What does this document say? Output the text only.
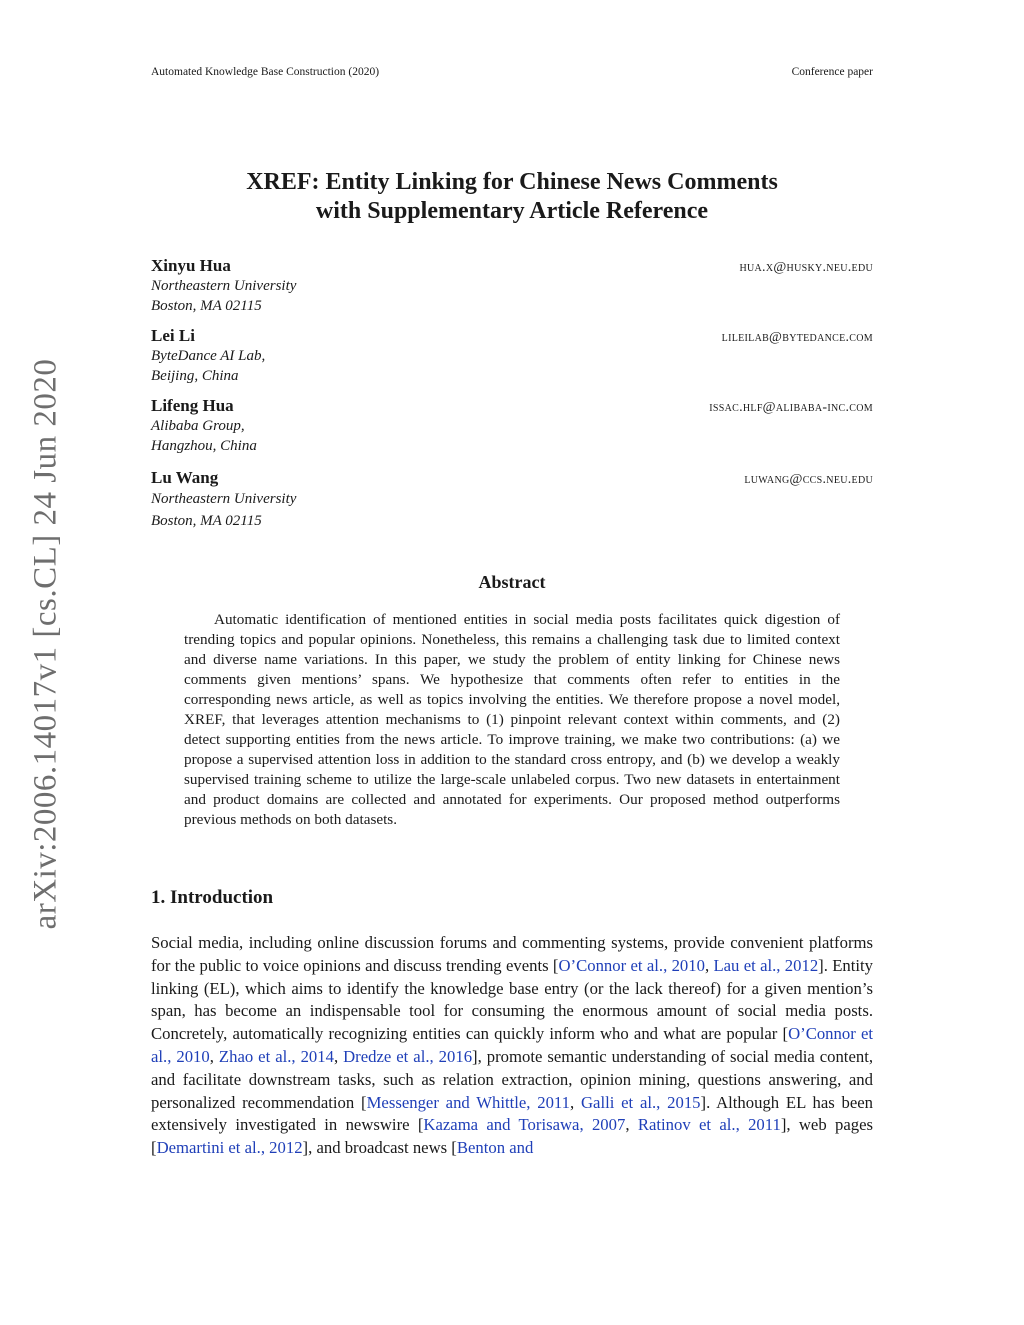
Automated Knowledge Base Construction (2020)	Conference paper
arXiv:2006.14017v1 [cs.CL] 24 Jun 2020
XREF: Entity Linking for Chinese News Comments
with Supplementary Article Reference
Xinyu Hua	hua.x@husky.neu.edu
Northeastern University
Boston, MA 02115
Lei Li	lileilab@bytedance.com
ByteDance AI Lab,
Beijing, China
Lifeng Hua	issac.hlf@alibaba-inc.com
Alibaba Group,
Hangzhou, China
Lu Wang	luwang@ccs.neu.edu
Northeastern University
Boston, MA 02115
Abstract
Automatic identification of mentioned entities in social media posts facilitates quick digestion of trending topics and popular opinions. Nonetheless, this remains a challenging task due to limited context and diverse name variations. In this paper, we study the problem of entity linking for Chinese news comments given mentions’ spans. We hypothesize that comments often refer to entities in the corresponding news article, as well as topics involving the entities. We therefore propose a novel model, XREF, that leverages attention mechanisms to (1) pinpoint relevant context within comments, and (2) detect supporting entities from the news article. To improve training, we make two contributions: (a) we propose a supervised attention loss in addition to the standard cross entropy, and (b) we develop a weakly supervised training scheme to utilize the large-scale unlabeled corpus. Two new datasets in entertainment and product domains are collected and annotated for experiments. Our proposed method outperforms previous methods on both datasets.
1. Introduction
Social media, including online discussion forums and commenting systems, provide convenient platforms for the public to voice opinions and discuss trending events [O’Connor et al., 2010, Lau et al., 2012]. Entity linking (EL), which aims to identify the knowledge base entry (or the lack thereof) for a given mention’s span, has become an indispensable tool for consuming the enormous amount of social media posts. Concretely, automatically recognizing entities can quickly inform who and what are popular [O’Connor et al., 2010, Zhao et al., 2014, Dredze et al., 2016], promote semantic understanding of social media content, and facilitate downstream tasks, such as relation extraction, opinion mining, questions answering, and personalized recommendation [Messenger and Whittle, 2011, Galli et al., 2015]. Although EL has been extensively investigated in newswire [Kazama and Torisawa, 2007, Ratinov et al., 2011], web pages [Demartini et al., 2012], and broadcast news [Benton and
